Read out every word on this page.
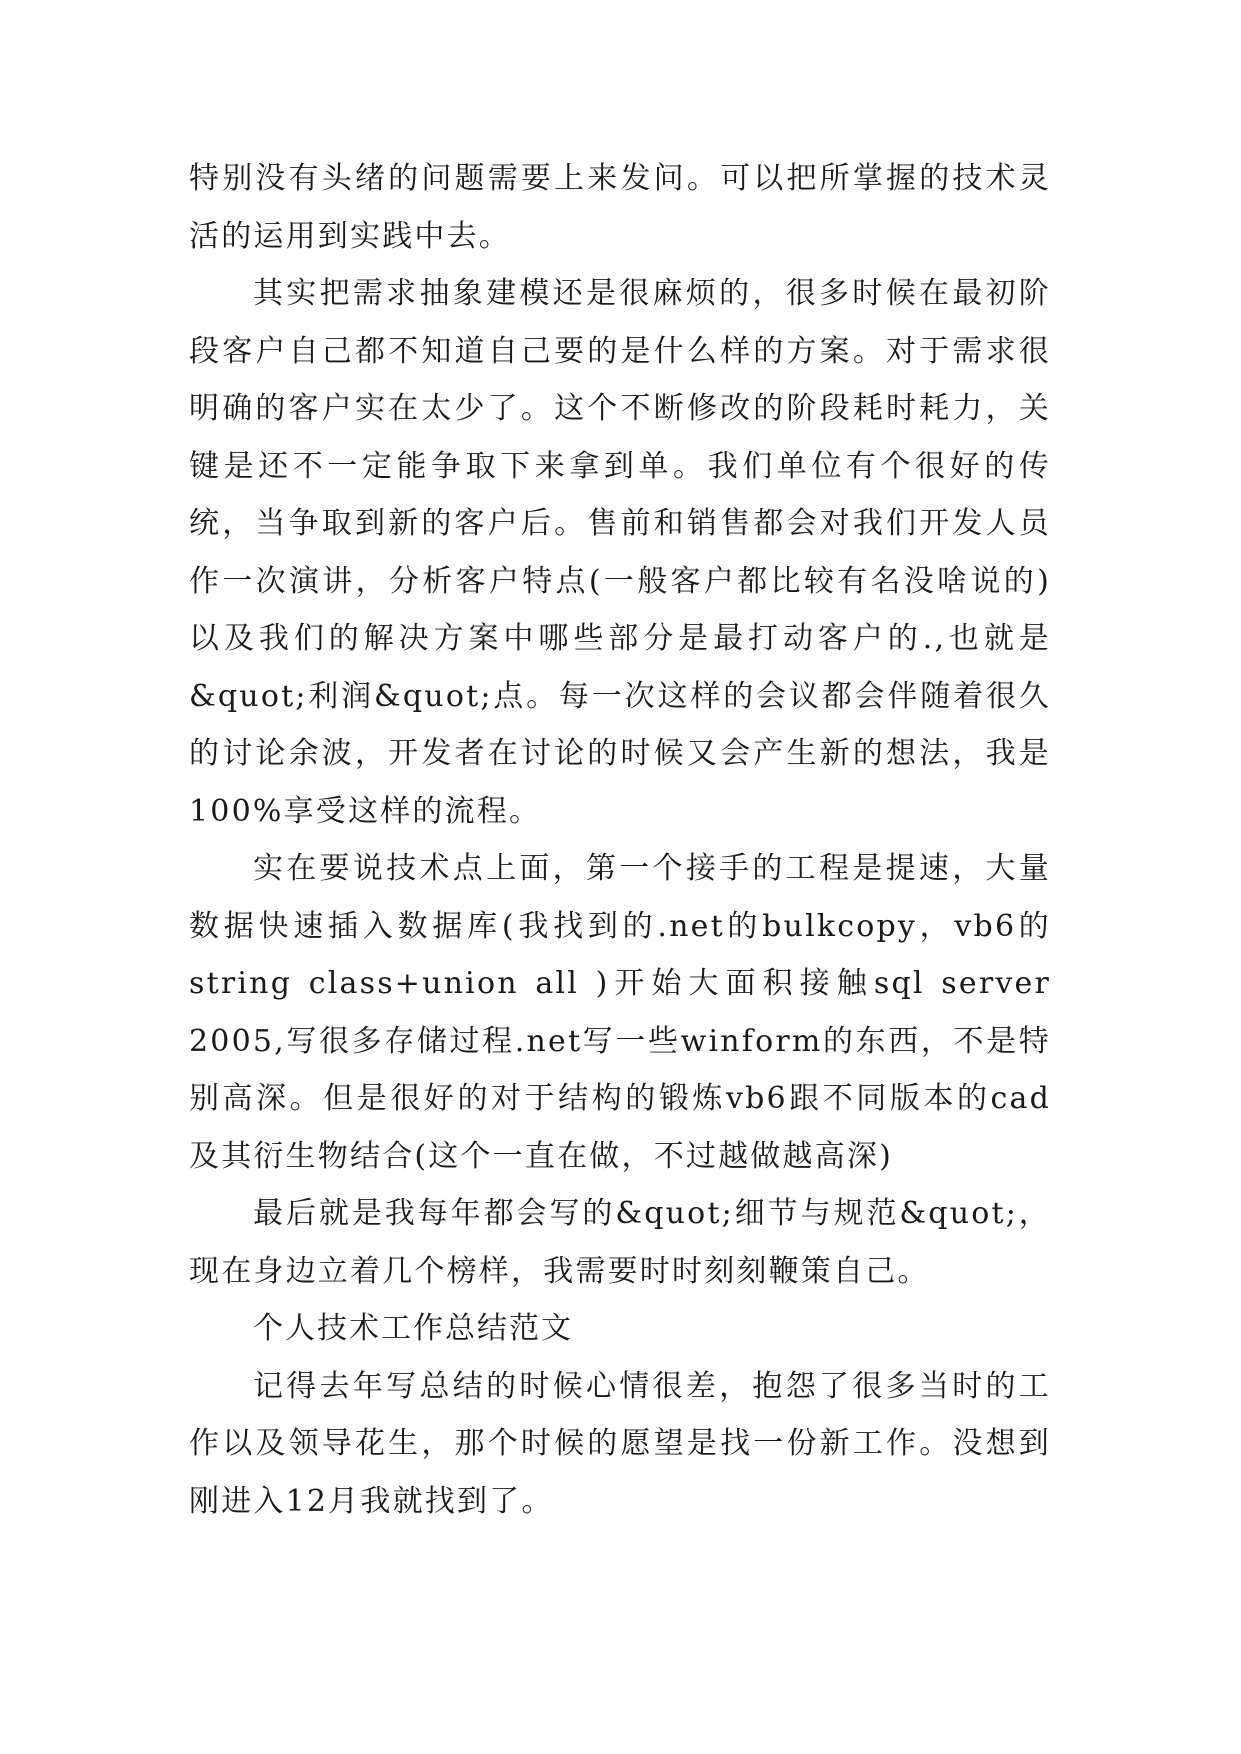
特别没有头绪的问题需要上来发问。可以把所掌握的技术灵活的运用到实践中去。

其实把需求抽象建模还是很麻烦的，很多时候在最初阶段客户自己都不知道自己要的是什么样的方案。对于需求很明确的客户实在太少了。这个不断修改的阶段耗时耗力，关键是还不一定能争取下来拿到单。我们单位有个很好的传统，当争取到新的客户后。售前和销售都会对我们开发人员作一次演讲，分析客户特点(一般客户都比较有名没啥说的)以及我们的解决方案中哪些部分是最打动客户的.,也就是&quot;利润&quot;点。每一次这样的会议都会伴随着很久的讨论余波，开发者在讨论的时候又会产生新的想法，我是100%享受这样的流程。

实在要说技术点上面，第一个接手的工程是提速，大量数据快速插入数据库(我找到的.net的bulkcopy，vb6的string class+union all )开始大面积接触sql server 2005,写很多存储过程.net写一些winform的东西，不是特别高深。但是很好的对于结构的锻炼vb6跟不同版本的cad及其衍生物结合(这个一直在做，不过越做越高深)

最后就是我每年都会写的&quot;细节与规范&quot;，现在身边立着几个榜样，我需要时时刻刻鞭策自己。

个人技术工作总结范文

记得去年写总结的时候心情很差，抱怨了很多当时的工作以及领导花生，那个时候的愿望是找一份新工作。没想到刚进入12月我就找到了。
